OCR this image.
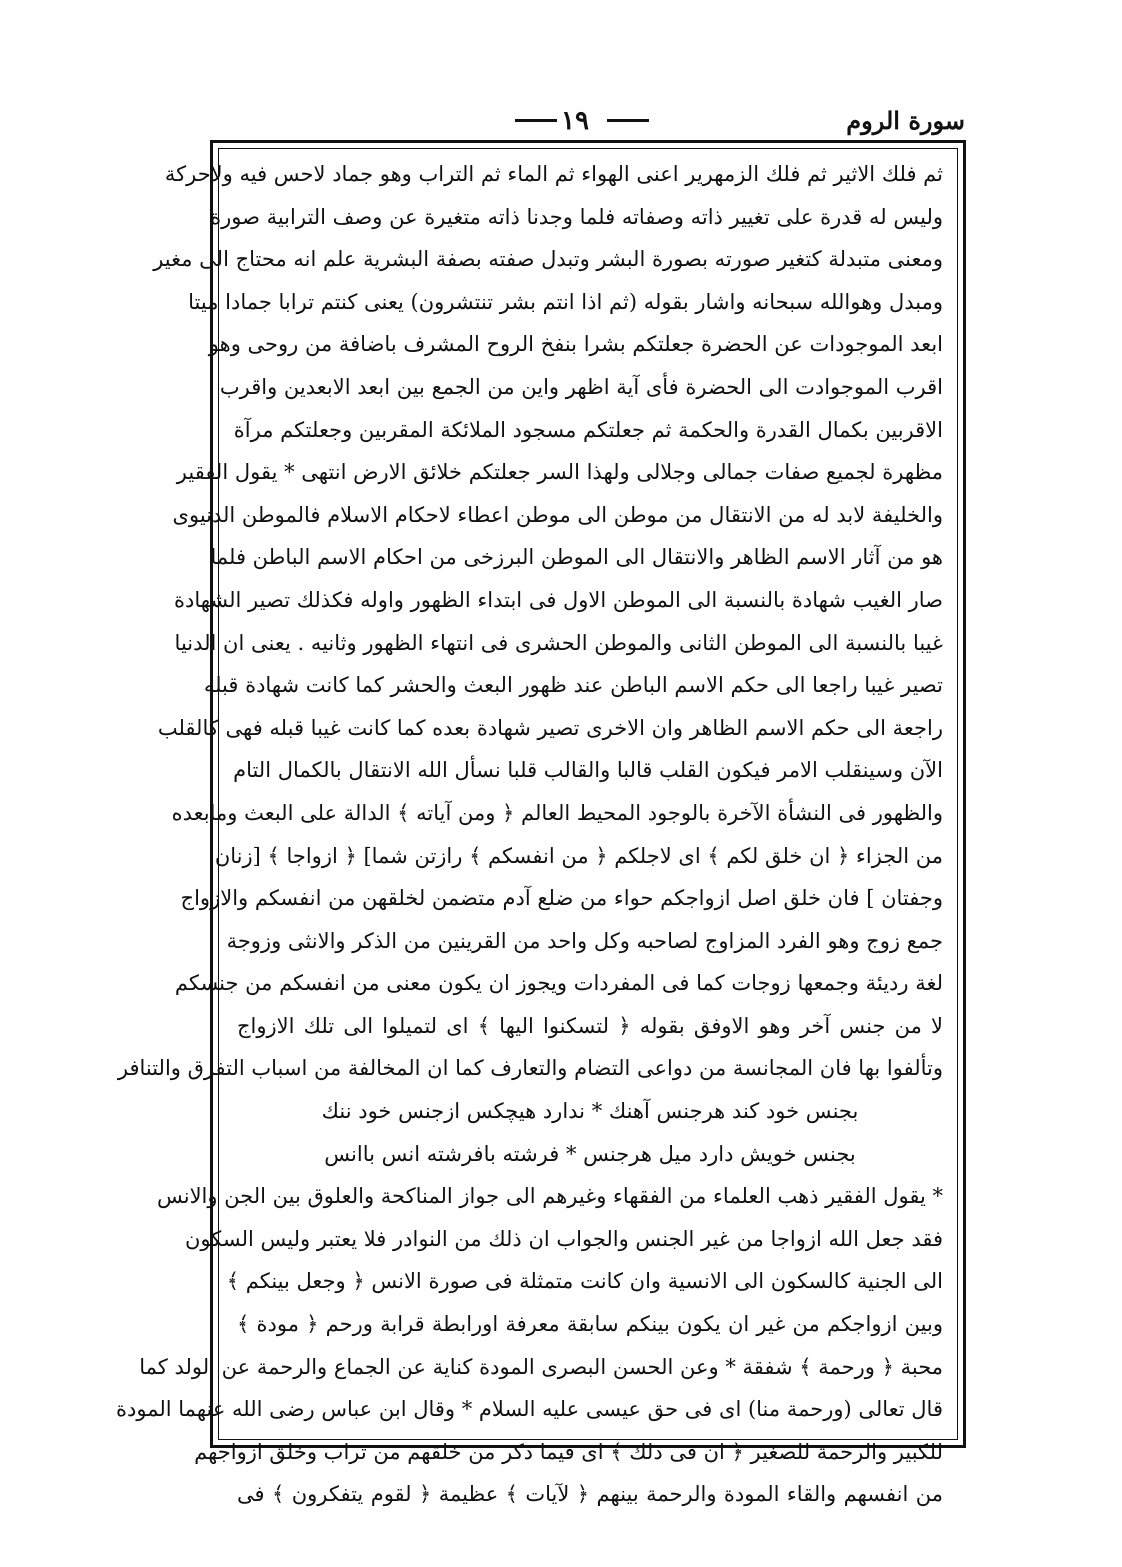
سورة الروم
١٩
ثم فلك الاثير ثم فلك الزمهرير اعنى الهواء ثم الماء ثم التراب وهو جماد لاحس فيه ولاحركة
وليس له قدرة على تغيير ذاته وصفاته فلما وجدنا ذاته متغيرة عن وصف الترابية صورة
ومعنى متبدلة كتغير صورته بصورة البشر وتبدل صفته بصفة البشرية علم انه محتاج الى مغير
ومبدل وهوالله سبحانه واشار بقوله (ثم اذا انتم بشر تنتشرون) يعنى كنتم ترابا جمادا ميتا
ابعد الموجودات عن الحضرة جعلتكم بشرا بنفخ الروح المشرف باضافة من روحى وهو
اقرب الموجوادت الى الحضرة فأى آية اظهر واين من الجمع بين ابعد الابعدين واقرب
الاقربين بكمال القدرة والحكمة ثم جعلتكم مسجود الملائكة المقربين وجعلتكم مرآة
مظهرة لجميع صفات جمالى وجلالى ولهذا السر جعلتكم خلائق الارض انتهى * يقول الفقير
والخليفة لابد له من الانتقال من موطن الى موطن اعطاء لاحكام الاسلام فالموطن الدنيوى
هو من آثار الاسم الظاهر والانتقال الى الموطن البرزخى من احكام الاسم الباطن فلما
صار الغيب شهادة بالنسبة الى الموطن الاول فى ابتداء الظهور واوله فكذلك تصير الشهادة
غيبا بالنسبة الى الموطن الثانى والموطن الحشرى فى انتهاء الظهور وثانيه . يعنى ان الدنيا
تصير غيبا راجعا الى حكم الاسم الباطن عند ظهور البعث والحشر كما كانت شهادة قبله
راجعة الى حكم الاسم الظاهر وان الاخرى تصير شهادة بعده كما كانت غيبا قبله فهى كالقلب
الآن وسينقلب الامر فيكون القلب قالبا والقالب قلبا نسأل الله الانتقال بالكمال التام
والظهور فى النشأة الآخرة بالوجود المحيط العالم ﴿ ومن آياته ﴾ الدالة على البعث ومابعده
من الجزاء ﴿ ان خلق لكم ﴾ اى لاجلكم ﴿ من انفسكم ﴾ رازتن شما] ﴿ ازواجا ﴾ [زنان
وجفتان ] فان خلق اصل ازواجكم حواء من ضلع آدم متضمن لخلقهن من انفسكم والازواج
جمع زوج وهو الفرد المزاوج لصاحبه وكل واحد من القرينين من الذكر والانثى وزوجة
لغة رديئة وجمعها زوجات كما فى المفردات ويجوز ان يكون معنى من انفسكم من جنسكم
لا من جنس آخر وهو الاوفق بقوله ﴿ لتسكنوا اليها ﴾ اى لتميلوا الى تلك الازواج
وتألفوا بها فان المجانسة من دواعى التضام والتعارف كما ان المخالفة من اسباب التفرق والتنافر
بجنس خود كند هرجنس آهنك * ندارد هيچكس ازجنس خود ننك
بجنس خويش دارد ميل هرجنس * فرشته بافرشته انس باانس
* يقول الفقير ذهب العلماء من الفقهاء وغيرهم الى جواز المناكحة والعلوق بين الجن والانس
فقد جعل الله ازواجا من غير الجنس والجواب ان ذلك من النوادر فلا يعتبر وليس السكون
الى الجنية كالسكون الى الانسية وان كانت متمثلة فى صورة الانس ﴿ وجعل بينكم ﴾
وبين ازواجكم من غير ان يكون بينكم سابقة معرفة اورابطة قرابة ورحم ﴿ مودة ﴾
محبة ﴿ ورحمة ﴾ شفقة * وعن الحسن البصرى المودة كناية عن الجماع والرحمة عن الولد كما
قال تعالى (ورحمة منا) اى فى حق عيسى عليه السلام * وقال ابن عباس رضى الله عنهما المودة
للكبير والرحمة للصغير ﴿ ان فى ذلك ﴾ اى فيما ذكر من خلقهم من تراب وخلق ازواجهم
من انفسهم والقاء المودة والرحمة بينهم ﴿ لآيات ﴾ عظيمة ﴿ لقوم يتفكرون ﴾ فى
